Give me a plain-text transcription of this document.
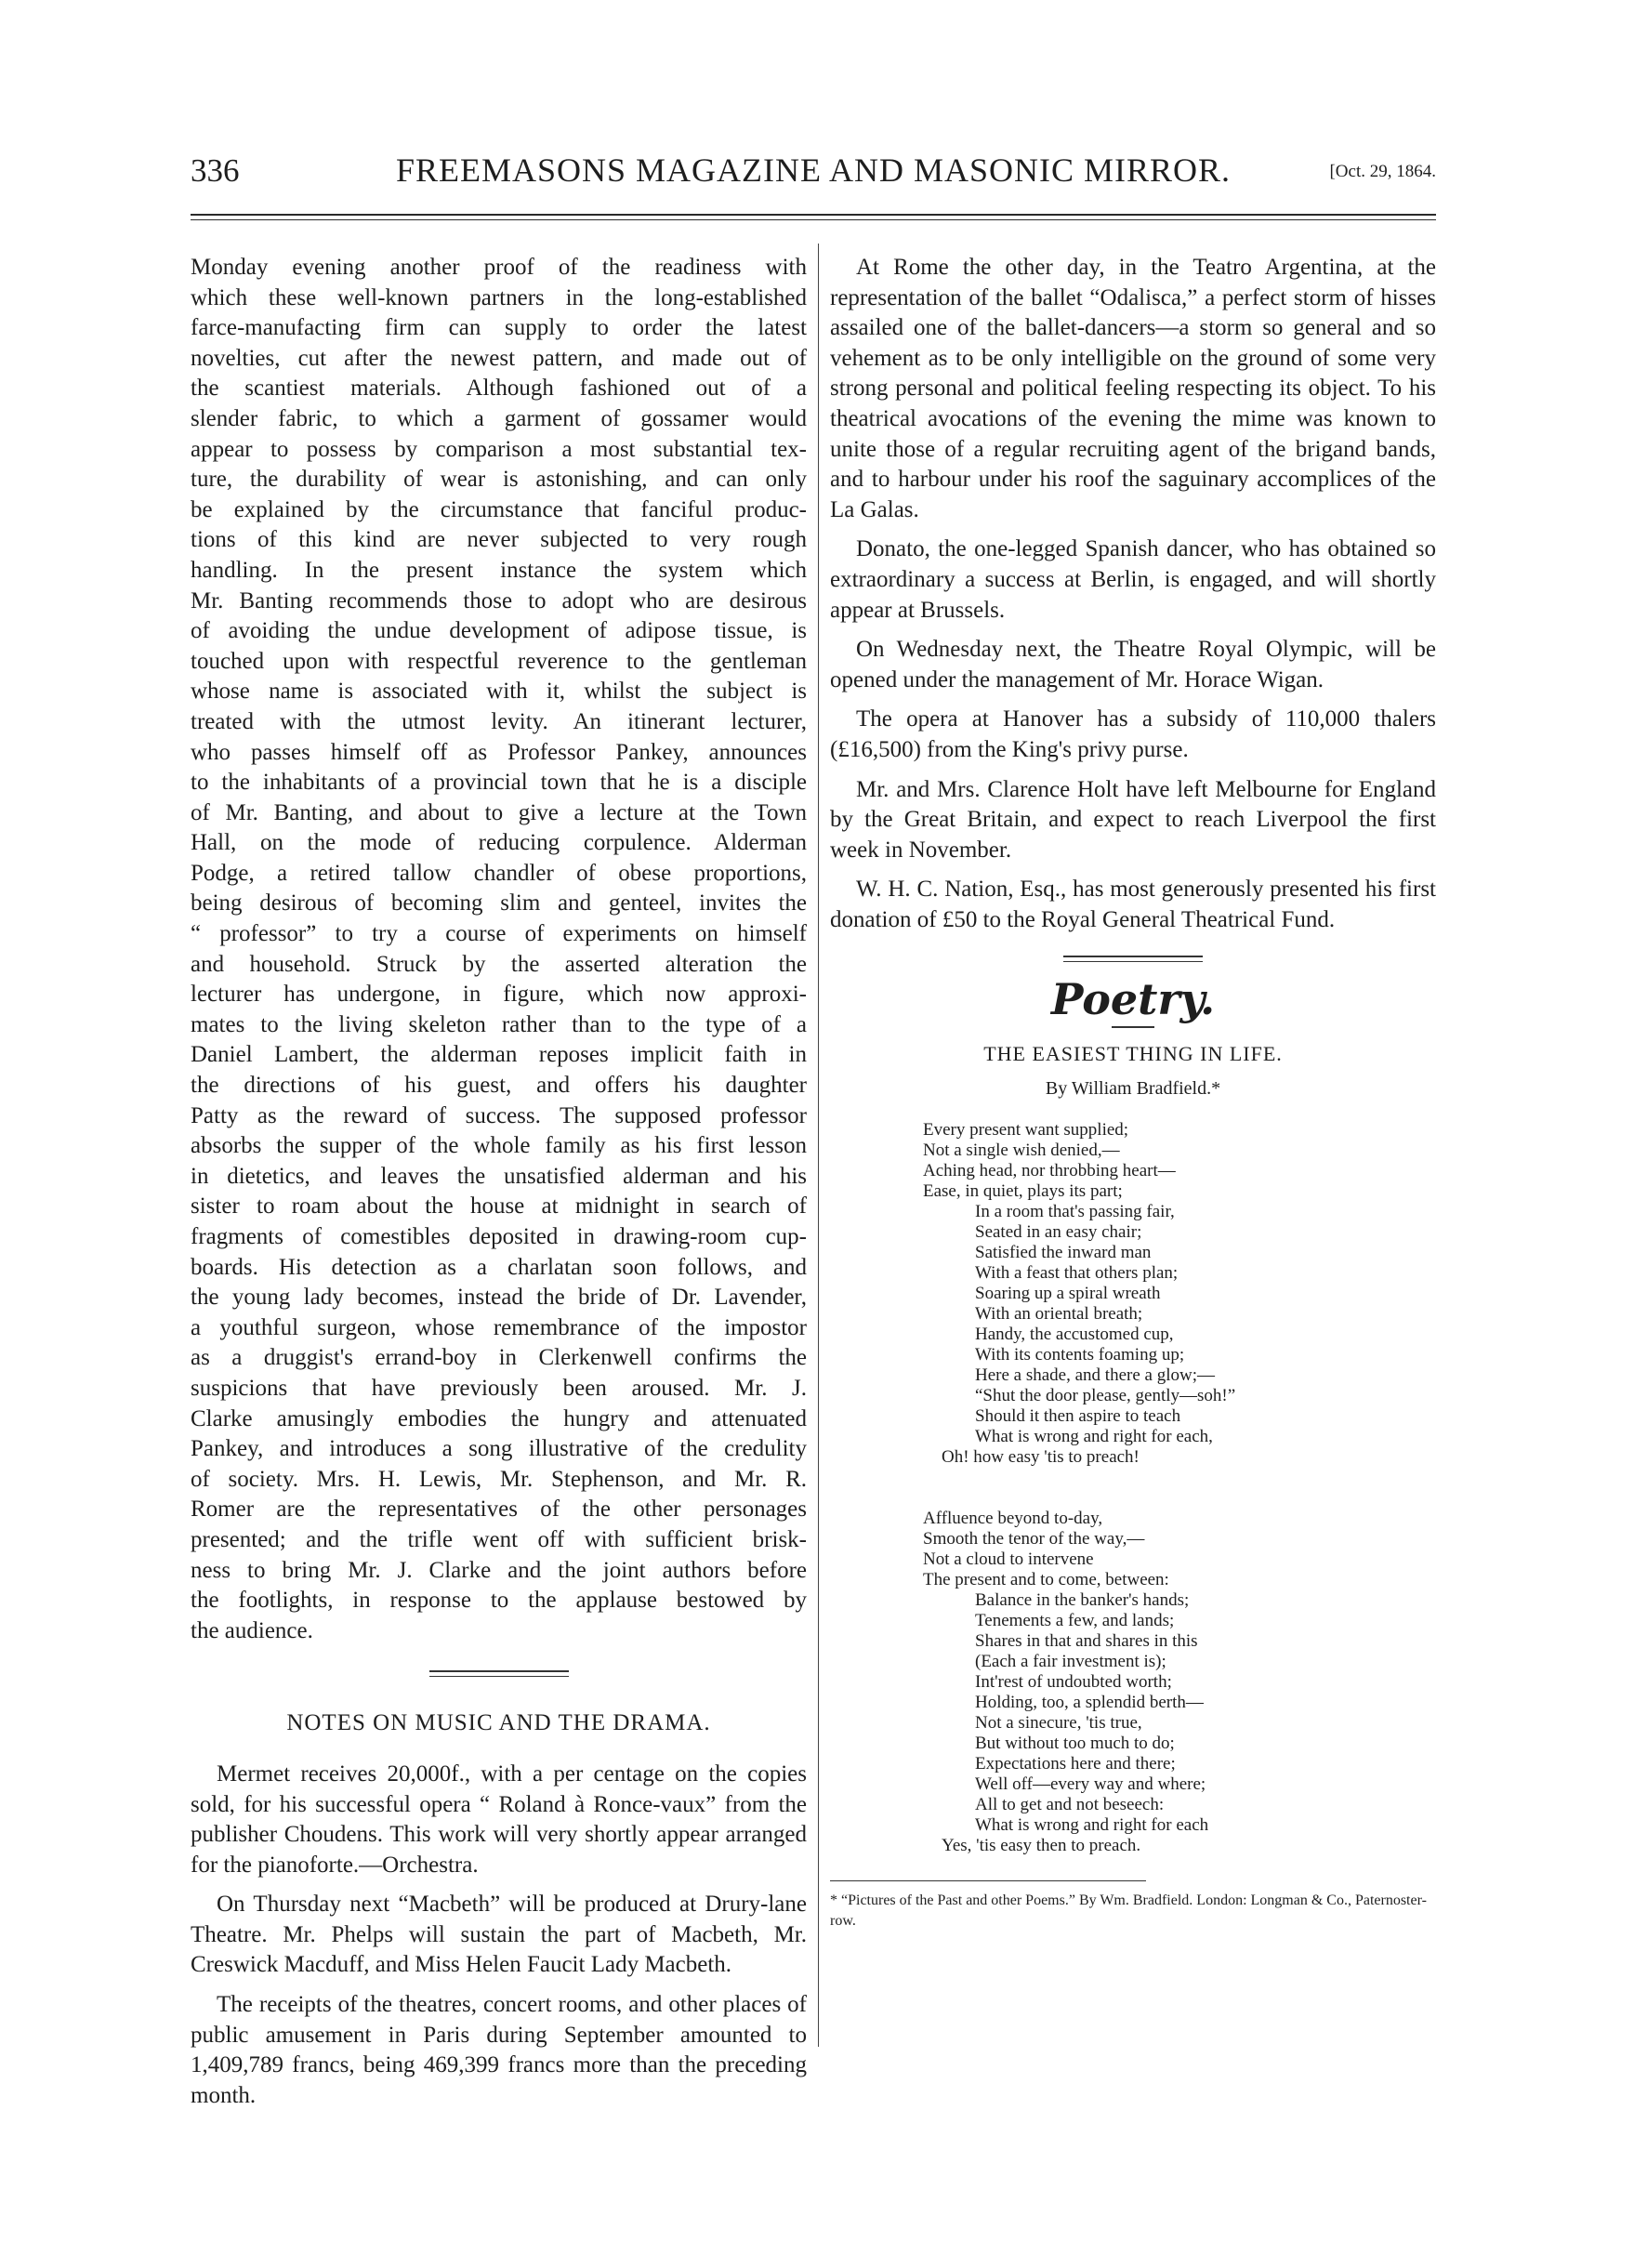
336	FREEMASONS MAGAZINE AND MASONIC MIRROR.	[Oct. 29, 1864.
Monday evening another proof of the readiness with
which these well-known partners in the long-established
farce-manufacting firm can supply to order the latest
novelties, cut after the newest pattern, and made out of
the scantiest materials. Although fashioned out of a
slender fabric, to which a garment of gossamer would
appear to possess by comparison a most substantial tex-
ture, the durability of wear is astonishing, and can only
be explained by the circumstance that fanciful produc-
tions of this kind are never subjected to very rough
handling. In the present instance the system which
Mr. Banting recommends those to adopt who are desirous
of avoiding the undue development of adipose tissue, is
touched upon with respectful reverence to the gentleman
whose name is associated with it, whilst the subject is
treated with the utmost levity. An itinerant lecturer,
who passes himself off as Professor Pankey, announces
to the inhabitants of a provincial town that he is a disciple
of Mr. Banting, and about to give a lecture at the Town
Hall, on the mode of reducing corpulence. Alderman
Podge, a retired tallow chandler of obese proportions,
being desirous of becoming slim and genteel, invites the
“ professor” to try a course of experiments on himself
and household. Struck by the asserted alteration the
lecturer has undergone, in figure, which now approxi-
mates to the living skeleton rather than to the type of a
Daniel Lambert, the alderman reposes implicit faith in
the directions of his guest, and offers his daughter
Patty as the reward of success. The supposed professor
absorbs the supper of the whole family as his first lesson
in dietetics, and leaves the unsatisfied alderman and his
sister to roam about the house at midnight in search of
fragments of comestibles deposited in drawing-room cup-
boards. His detection as a charlatan soon follows, and
the young lady becomes, instead the bride of Dr. Lavender,
a youthful surgeon, whose remembrance of the impostor
as a druggist's errand-boy in Clerkenwell confirms the
suspicions that have previously been aroused. Mr. J.
Clarke amusingly embodies the hungry and attenuated
Pankey, and introduces a song illustrative of the credulity
of society. Mrs. H. Lewis, Mr. Stephenson, and Mr. R.
Romer are the representatives of the other personages
presented; and the trifle went off with sufficient brisk-
ness to bring Mr. J. Clarke and the joint authors before
the footlights, in response to the applause bestowed by
the audience.
NOTES ON MUSIC AND THE DRAMA.

Mermet receives 20,000f., with a per centage on the copies sold, for his successful opera “ Roland à Ronce-vaux” from the publisher Choudens. This work will very shortly appear arranged for the pianoforte.—Orchestra.

On Thursday next “Macbeth” will be produced at Drury-lane Theatre. Mr. Phelps will sustain the part of Macbeth, Mr. Creswick Macduff, and Miss Helen Faucit Lady Macbeth.

The receipts of the theatres, concert rooms, and other places of public amusement in Paris during September amounted to 1,409,789 francs, being 469,399 francs more than the preceding month.

At Rome the other day, in the Teatro Argentina, at the representation of the ballet “Odalisca,” a perfect storm of hisses assailed one of the ballet-dancers—a storm so general and so vehement as to be only intelligible on the ground of some very strong personal and political feeling respecting its object. To his theatrical avocations of the evening the mime was known to unite those of a regular recruiting agent of the brigand bands, and to harbour under his roof the saguinary accomplices of the La Galas.

Donato, the one-legged Spanish dancer, who has obtained so extraordinary a success at Berlin, is engaged, and will shortly appear at Brussels.

On Wednesday next, the Theatre Royal Olympic, will be opened under the management of Mr. Horace Wigan.

The opera at Hanover has a subsidy of 110,000 thalers (£16,500) from the King's privy purse.

Mr. and Mrs. Clarence Holt have left Melbourne for England by the Great Britain, and expect to reach Liverpool the first week in November.

W. H. C. Nation, Esq., has most generously presented his first donation of £50 to the Royal General Theatrical Fund.

Poetry.
THE EASIEST THING IN LIFE.
By William Bradfield.*
Every present want supplied;
Not a single wish denied,—
Aching head, nor throbbing heart—
Ease, in quiet, plays its part;
In a room that's passing fair,
Seated in an easy chair;
Satisfied the inward man
With a feast that others plan;
Soaring up a spiral wreath
With an oriental breath;
Handy, the accustomed cup,
With its contents foaming up;
Here a shade, and there a glow;—
“Shut the door please, gently—soh!”
Should it then aspire to teach
What is wrong and right for each,
Oh! how easy 'tis to preach!
Affluence beyond to-day,
Smooth the tenor of the way,—
Not a cloud to intervene
The present and to come, between:
Balance in the banker's hands;
Tenements a few, and lands;
Shares in that and shares in this
(Each a fair investment is);
Int'rest of undoubted worth;
Holding, too, a splendid berth—
Not a sinecure, 'tis true,
But without too much to do;
Expectations here and there;
Well off—every way and where;
All to get and not beseech:
What is wrong and right for each
Yes, 'tis easy then to preach.
* “Pictures of the Past and other Poems.” By Wm. Bradfield. London: Longman & Co., Paternoster-row.
